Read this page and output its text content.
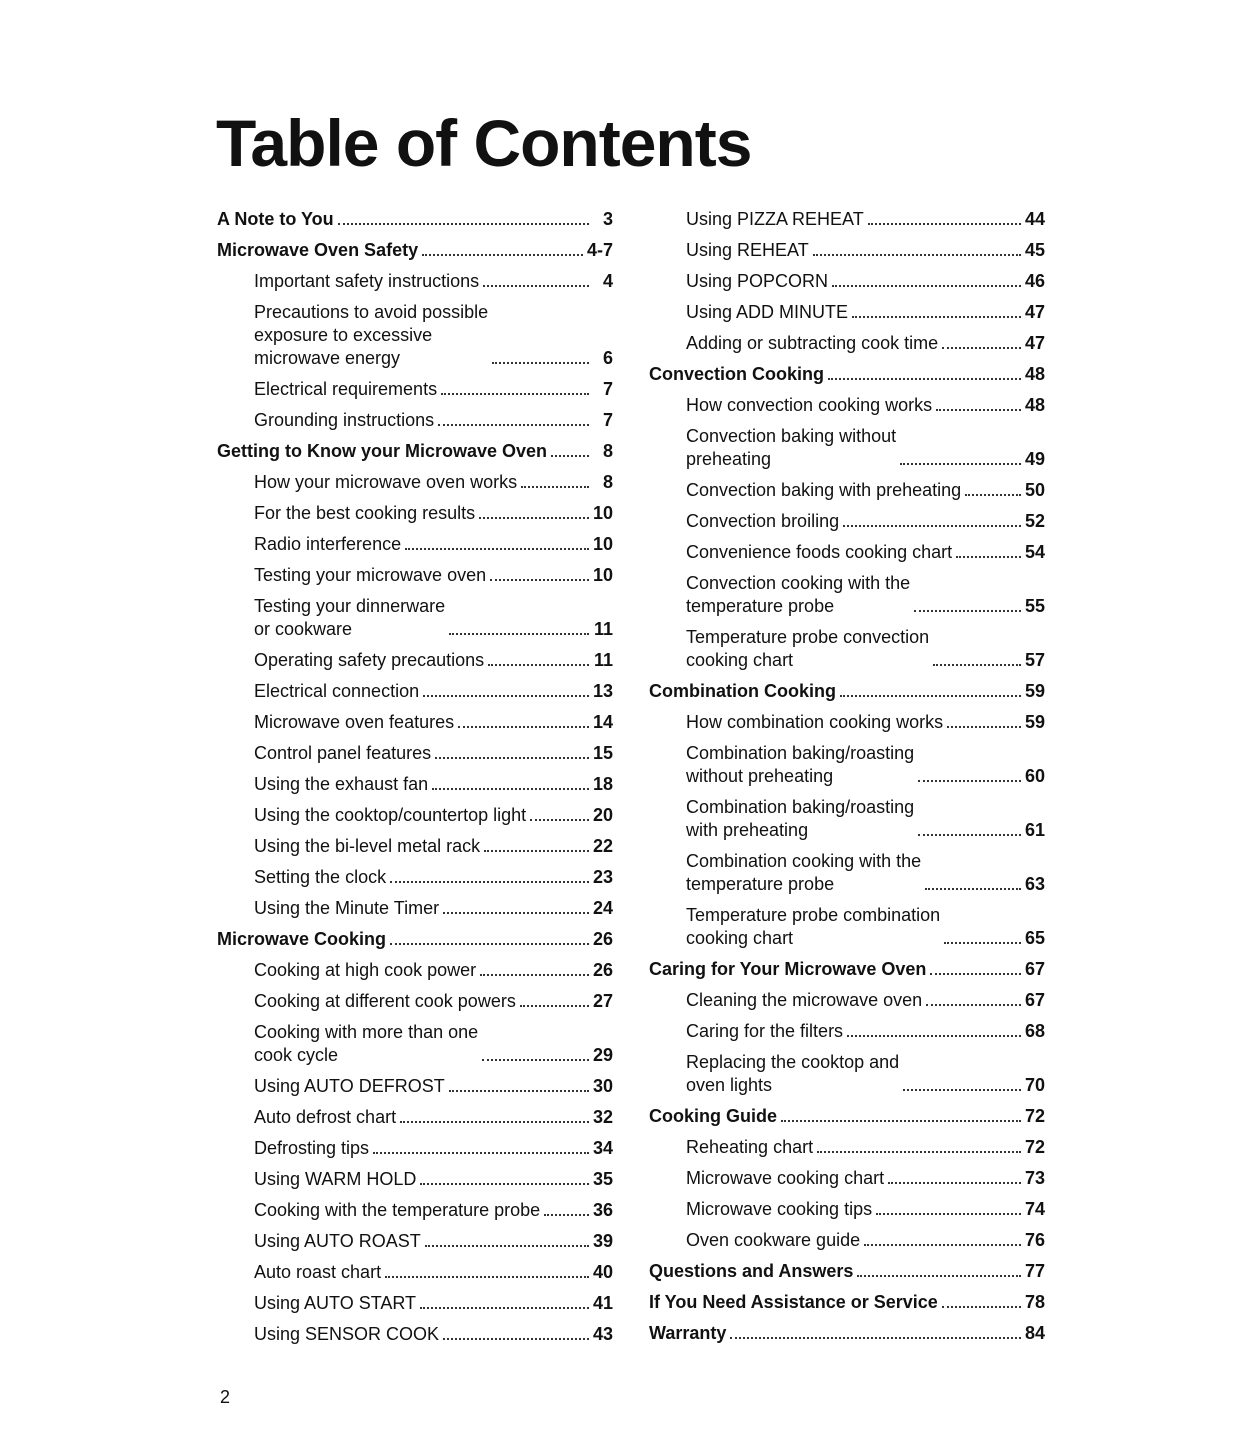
Table of Contents
A Note to You	3
Microwave Oven Safety	4-7
Important safety instructions	4
Precautions to avoid possible
exposure to excessive
microwave energy	6
Electrical requirements	7
Grounding instructions	7
Getting to Know your Microwave Oven	8
How your microwave oven works	8
For the best cooking results	10
Radio interference	10
Testing your microwave oven	10
Testing your dinnerware
or cookware	11
Operating safety precautions	11
Electrical connection	13
Microwave oven features	14
Control panel features	15
Using the exhaust fan	18
Using the cooktop/countertop light	20
Using the bi-level metal rack	22
Setting the clock	23
Using the Minute Timer	24
Microwave Cooking	26
Cooking at high cook power	26
Cooking at different cook powers	27
Cooking with more than one
cook cycle	29
Using AUTO DEFROST	30
Auto defrost chart	32
Defrosting tips	34
Using WARM HOLD	35
Cooking with the temperature probe	36
Using AUTO ROAST	39
Auto roast chart	40
Using AUTO START	41
Using SENSOR COOK	43
Using PIZZA REHEAT	44
Using REHEAT	45
Using POPCORN	46
Using ADD MINUTE	47
Adding or subtracting cook time	47
Convection Cooking	48
How convection cooking works	48
Convection baking without
preheating	49
Convection baking with preheating	50
Convection broiling	52
Convenience foods cooking chart	54
Convection cooking with the
temperature probe	55
Temperature probe convection
cooking chart	57
Combination Cooking	59
How combination cooking works	59
Combination baking/roasting
without preheating	60
Combination baking/roasting
with preheating	61
Combination cooking with the
temperature probe	63
Temperature probe combination
cooking chart	65
Caring for Your Microwave Oven	67
Cleaning the microwave oven	67
Caring for the filters	68
Replacing the cooktop and
oven lights	70
Cooking Guide	72
Reheating chart	72
Microwave cooking chart	73
Microwave cooking tips	74
Oven cookware guide	76
Questions and Answers	77
If You Need Assistance or Service	78
Warranty	84
2
